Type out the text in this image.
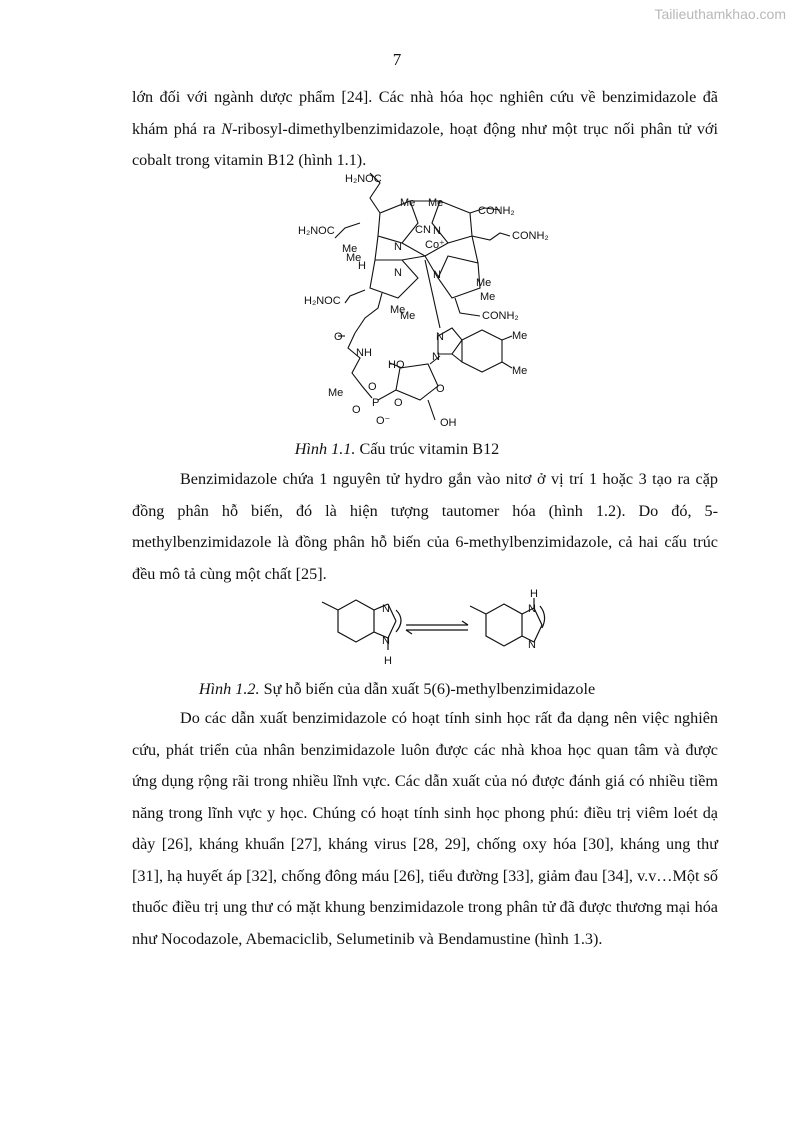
Tailieuthamkhao.com
7

lớn đối với ngành dược phẩm [24]. Các nhà hóa học nghiên cứu về benzimidazole đã khám phá ra N-ribosyl-dimethylbenzimidazole, hoạt động như một trục nối phân tử với cobalt trong vitamin B12 (hình 1.1).

H₂NOC
H₂NOC
H₂NOC
CONH₂
CONH₂
CONH₂
Me Me
Me
Me
Me
Me
Me
Me
Me
Me
Me
Co⁺
CN
N
N
N
N
N
N
H
NH
O
O	O
O
O
HO
OH
P
O⁻
Hình 1.1. Cấu trúc vitamin B12

Benzimidazole chứa 1 nguyên tử hydro gắn vào nitơ ở vị trí 1 hoặc 3 tạo ra cặp đồng phân hỗ biến, đó là hiện tượng tautomer hóa (hình 1.2). Do đó, 5-methylbenzimidazole là đồng phân hỗ biến của 6-methylbenzimidazole, cả hai cấu trúc đều mô tả cùng một chất [25].

N
N
H
N
N
H
Hình 1.2. Sự hỗ biến của dẫn xuất 5(6)-methylbenzimidazole

Do các dẫn xuất benzimidazole có hoạt tính sinh học rất đa dạng nên việc nghiên cứu, phát triển của nhân benzimidazole luôn được các nhà khoa học quan tâm và được ứng dụng rộng rãi trong nhiều lĩnh vực. Các dẫn xuất của nó được đánh giá có nhiều tiềm năng trong lĩnh vực y học. Chúng có hoạt tính sinh học phong phú: điều trị viêm loét dạ dày [26], kháng khuẩn [27], kháng virus [28, 29], chống oxy hóa [30], kháng ung thư [31], hạ huyết áp [32], chống đông máu [26], tiểu đường [33], giảm đau [34], v.v…Một số thuốc điều trị ung thư có mặt khung benzimidazole trong phân tử đã được thương mại hóa như Nocodazole, Abemaciclib, Selumetinib và Bendamustine (hình 1.3).
